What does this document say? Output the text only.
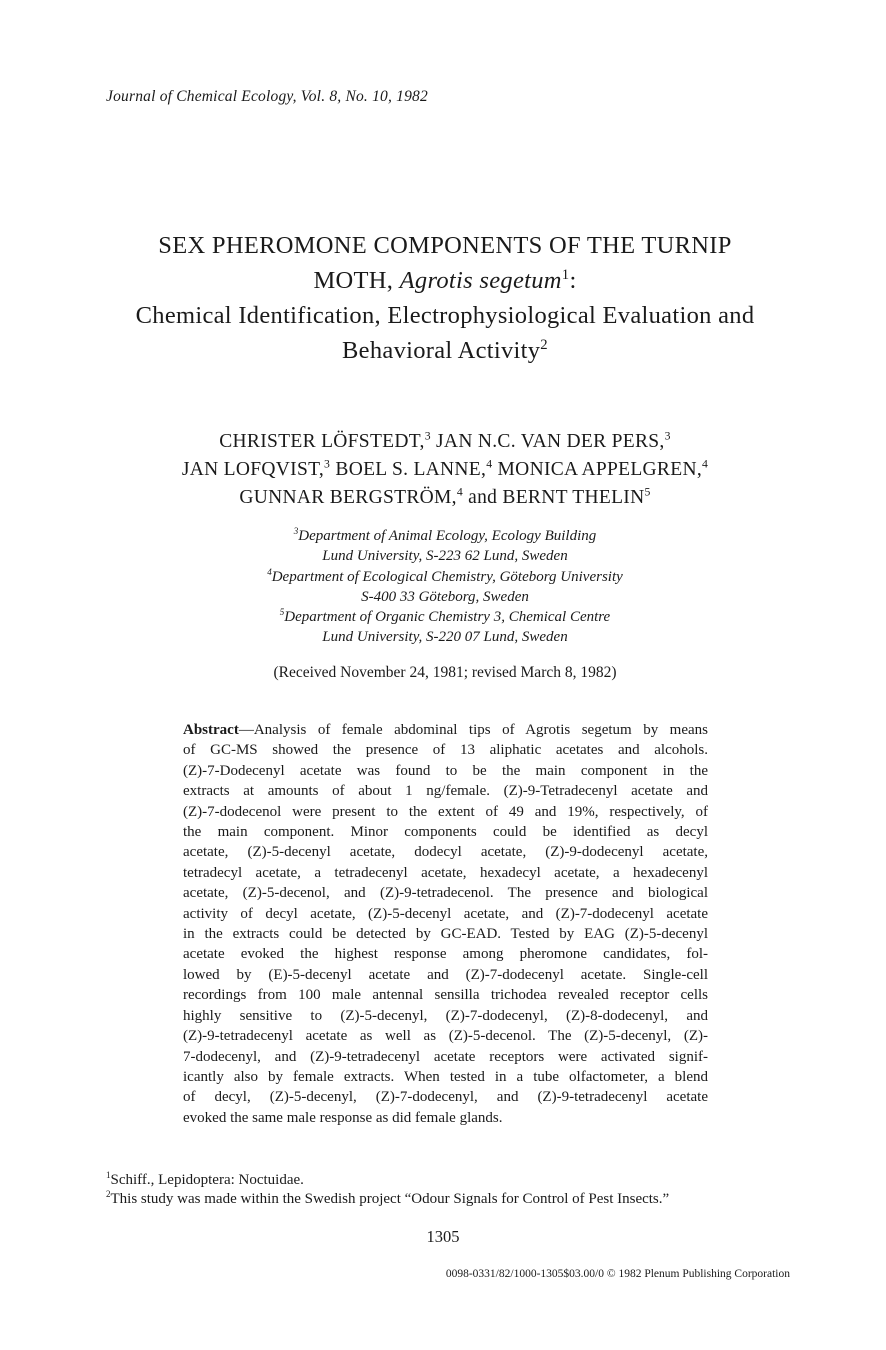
Journal of Chemical Ecology, Vol. 8, No. 10, 1982
SEX PHEROMONE COMPONENTS OF THE TURNIP
MOTH, Agrotis segetum$^1$:
Chemical Identification, Electrophysiological Evaluation and
Behavioral Activity$^2$
CHRISTER LÖFSTEDT,$^3$ JAN N.C. VAN DER PERS,$^3$
JAN LOFQVIST,$^3$ BOEL S. LANNE,$^4$ MONICA APPELGREN,$^4$
GUNNAR BERGSTRÖM,$^4$ and BERNT THELIN$^5$
$^3$Department of Animal Ecology, Ecology Building
Lund University, S-223 62 Lund, Sweden
$^4$Department of Ecological Chemistry, Göteborg University
S-400 33 Göteborg, Sweden
$^5$Department of Organic Chemistry 3, Chemical Centre
Lund University, S-220 07 Lund, Sweden
(Received November 24, 1981; revised March 8, 1982)
Abstract—Analysis of female abdominal tips of Agrotis segetum by means
of GC-MS showed the presence of 13 aliphatic acetates and alcohols.
(Z)-7-Dodecenyl acetate was found to be the main component in the
extracts at amounts of about 1 ng/female. (Z)-9-Tetradecenyl acetate and
(Z)-7-dodecenol were present to the extent of 49 and 19%, respectively, of
the main component. Minor components could be identified as decyl
acetate, (Z)-5-decenyl acetate, dodecyl acetate, (Z)-9-dodecenyl acetate,
tetradecyl acetate, a tetradecenyl acetate, hexadecyl acetate, a hexadecenyl
acetate, (Z)-5-decenol, and (Z)-9-tetradecenol. The presence and biological
activity of decyl acetate, (Z)-5-decenyl acetate, and (Z)-7-dodecenyl acetate
in the extracts could be detected by GC-EAD. Tested by EAG (Z)-5-decenyl
acetate evoked the highest response among pheromone candidates, fol-
lowed by (E)-5-decenyl acetate and (Z)-7-dodecenyl acetate. Single-cell
recordings from 100 male antennal sensilla trichodea revealed receptor cells
highly sensitive to (Z)-5-decenyl, (Z)-7-dodecenyl, (Z)-8-dodecenyl, and
(Z)-9-tetradecenyl acetate as well as (Z)-5-decenol. The (Z)-5-decenyl, (Z)-
7-dodecenyl, and (Z)-9-tetradecenyl acetate receptors were activated signif-
icantly also by female extracts. When tested in a tube olfactometer, a blend
of decyl, (Z)-5-decenyl, (Z)-7-dodecenyl, and (Z)-9-tetradecenyl acetate
evoked the same male response as did female glands.
$^1$Schiff., Lepidoptera: Noctuidae.
$^2$This study was made within the Swedish project “Odour Signals for Control of Pest Insects.”
1305
0098-0331/82/1000-1305$03.00/0 © 1982 Plenum Publishing Corporation
